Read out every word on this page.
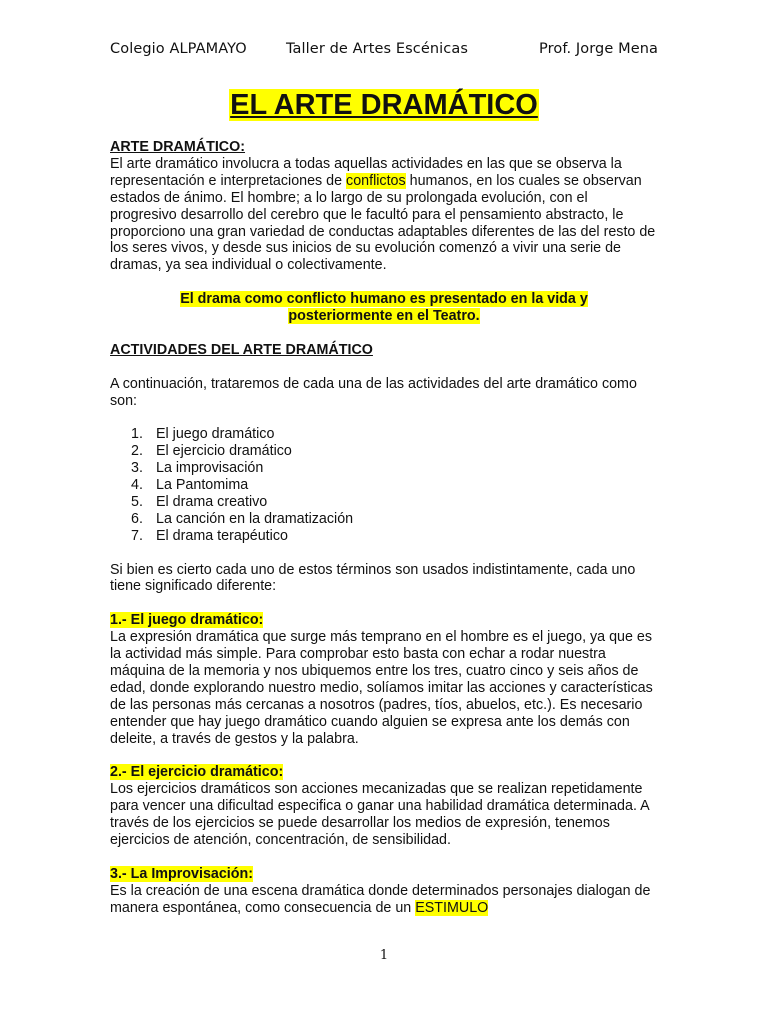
Colegio ALPAMAYO	Taller de Artes Escénicas	Prof. Jorge Mena
EL ARTE DRAMÁTICO

ARTE DRAMÁTICO:

El arte dramático involucra a todas aquellas actividades en las que se observa la representación e interpretaciones de conflictos humanos, en los cuales se observan estados de ánimo. El hombre; a lo largo de su prolongada evolución, con el progresivo desarrollo del cerebro que le facultó para el pensamiento abstracto, le proporciono una gran variedad de conductas adaptables diferentes de las del resto de los seres vivos, y desde sus inicios de su evolución comenzó a vivir una serie de dramas, ya sea individual o colectivamente.

El drama como conflicto humano es presentado en la vida y
posteriormente en el Teatro.

ACTIVIDADES DEL ARTE DRAMÁTICO

A continuación, trataremos de cada una de las actividades del arte dramático como son:

1. El juego dramático
2. El ejercicio dramático
3. La improvisación
4. La Pantomima
5. El drama creativo
6. La canción en la dramatización
7. El drama terapéutico

Si bien es cierto cada uno de estos términos son usados indistintamente, cada uno tiene significado diferente:

1.- El juego dramático:

La expresión dramática que surge más temprano en el hombre es el juego, ya que es la actividad más simple. Para comprobar esto basta con echar a rodar nuestra máquina de la memoria y nos ubiquemos entre los tres, cuatro cinco y seis años de edad, donde explorando nuestro medio, solíamos imitar las acciones y características de las personas más cercanas a nosotros (padres, tíos, abuelos, etc.). Es necesario entender que hay juego dramático cuando alguien se expresa ante los demás con deleite, a través de gestos y la palabra.

2.- El ejercicio dramático:

Los ejercicios dramáticos son acciones mecanizadas que se realizan repetidamente para vencer una dificultad especifica o ganar una habilidad dramática determinada. A través de los ejercicios se puede desarrollar los medios de expresión, tenemos ejercicios de atención, concentración, de sensibilidad.

3.- La Improvisación:

Es la creación de una escena dramática donde determinados personajes dialogan de manera espontánea, como consecuencia de un ESTIMULO

1
